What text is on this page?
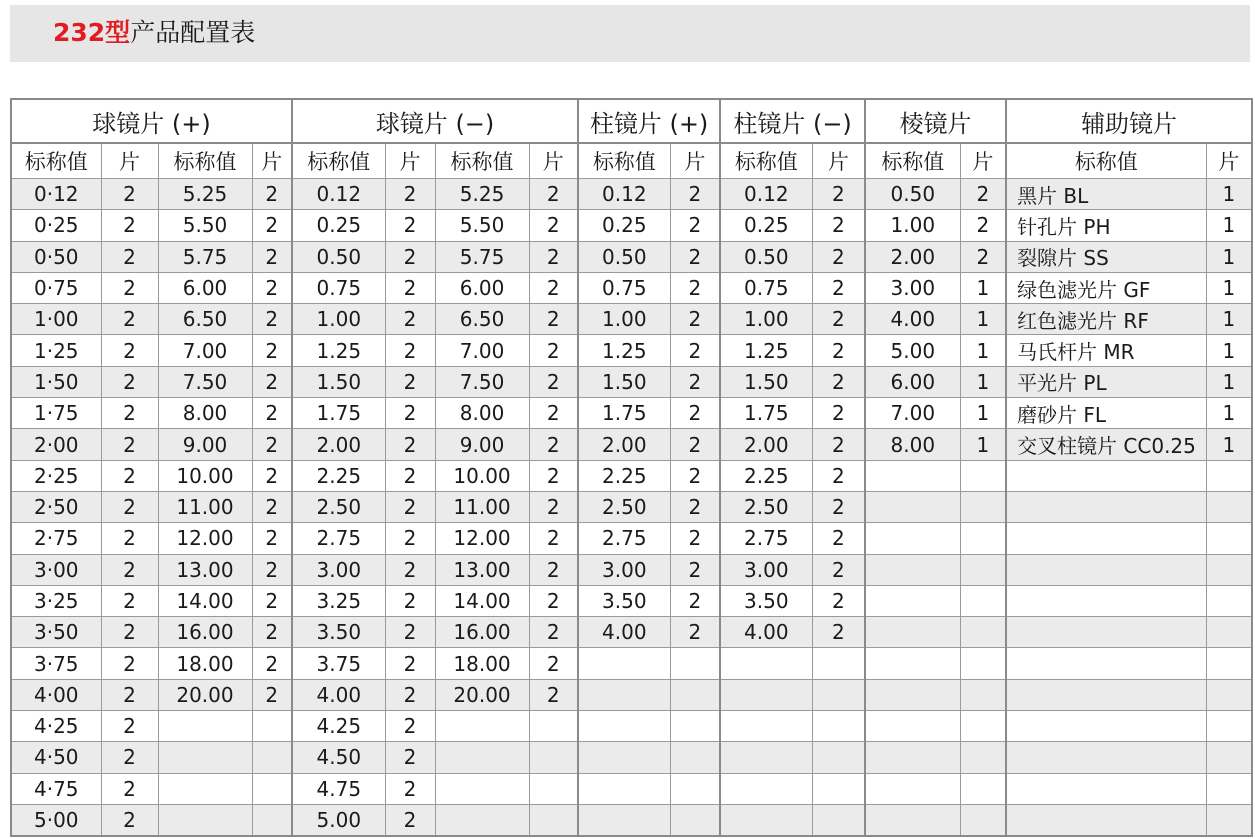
232型产品配置表
球镜片 (+)				球镜片 (−)				柱镜片 (+)		柱镜片 (−)		棱镜片		辅助镜片	
标称值	片	标称值	片	标称值	片	标称值	片	标称值	片	标称值	片	标称值	片	标称值	片
0·12	2	5.25	2	0.12	2	5.25	2	0.12	2	0.12	2	0.50	2	黑片 BL	1
0·25	2	5.50	2	0.25	2	5.50	2	0.25	2	0.25	2	1.00	2	针孔片 PH	1
0·50	2	5.75	2	0.50	2	5.75	2	0.50	2	0.50	2	2.00	2	裂隙片 SS	1
0·75	2	6.00	2	0.75	2	6.00	2	0.75	2	0.75	2	3.00	1	绿色滤光片 GF	1
1·00	2	6.50	2	1.00	2	6.50	2	1.00	2	1.00	2	4.00	1	红色滤光片 RF	1
1·25	2	7.00	2	1.25	2	7.00	2	1.25	2	1.25	2	5.00	1	马氏杆片 MR	1
1·50	2	7.50	2	1.50	2	7.50	2	1.50	2	1.50	2	6.00	1	平光片 PL	1
1·75	2	8.00	2	1.75	2	8.00	2	1.75	2	1.75	2	7.00	1	磨砂片 FL	1
2·00	2	9.00	2	2.00	2	9.00	2	2.00	2	2.00	2	8.00	1	交叉柱镜片 CC0.25	1
2·25	2	10.00	2	2.25	2	10.00	2	2.25	2	2.25	2				
2·50	2	11.00	2	2.50	2	11.00	2	2.50	2	2.50	2				
2·75	2	12.00	2	2.75	2	12.00	2	2.75	2	2.75	2				
3·00	2	13.00	2	3.00	2	13.00	2	3.00	2	3.00	2				
3·25	2	14.00	2	3.25	2	14.00	2	3.50	2	3.50	2				
3·50	2	16.00	2	3.50	2	16.00	2	4.00	2	4.00	2				
3·75	2	18.00	2	3.75	2	18.00	2								
4·00	2	20.00	2	4.00	2	20.00	2								
4·25	2			4.25	2										
4·50	2			4.50	2										
4·75	2			4.75	2										
5·00	2			5.00	2										
